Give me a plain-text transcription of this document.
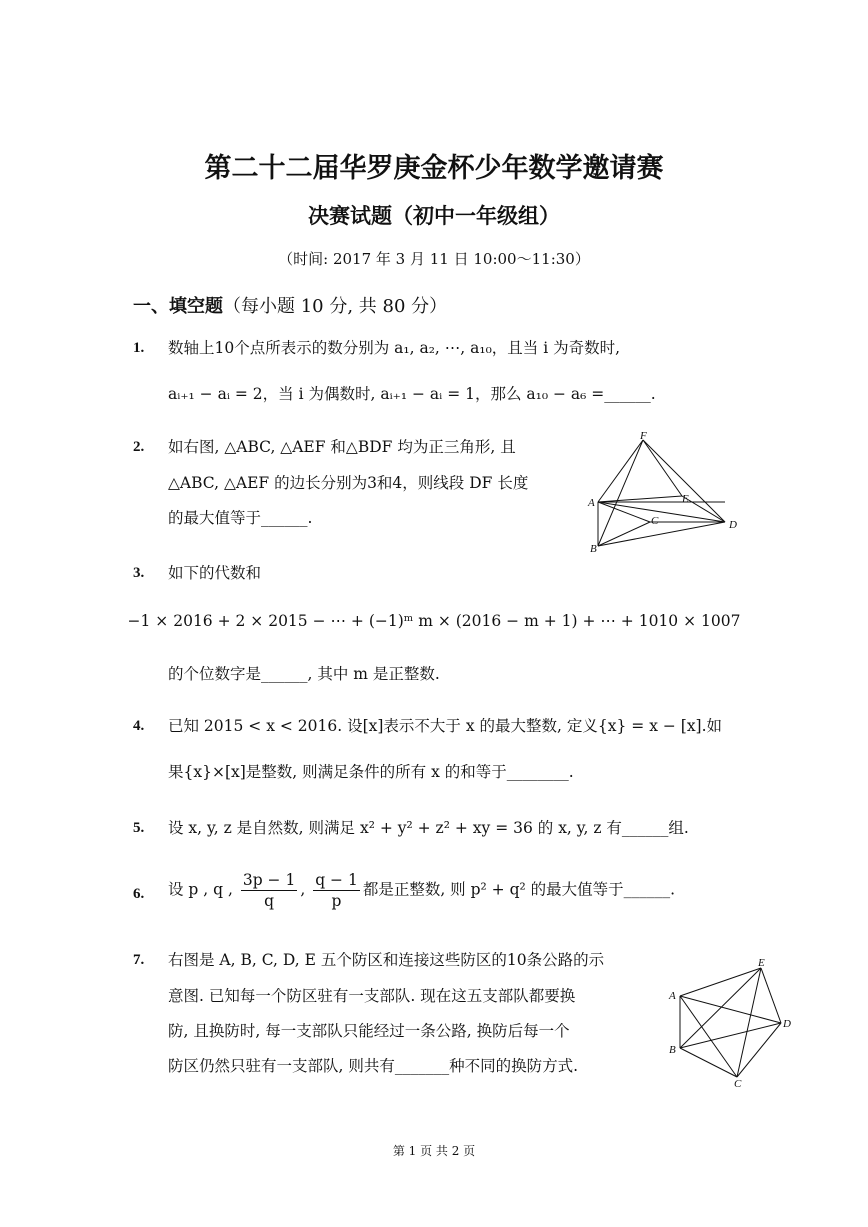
第二十二届华罗庚金杯少年数学邀请赛
决赛试题（初中一年级组）
（时间: 2017 年 3 月 11 日 10:00～11:30）
一、填空题（每小题 10 分, 共 80 分）
1. 数轴上10个点所表示的数分别为 a₁, a₂, ⋯, a₁₀，且当 i 为奇数时,
aᵢ₊₁ − aᵢ = 2，当 i 为偶数时, aᵢ₊₁ − aᵢ = 1，那么 a₁₀ − a₆ =______.
2. 如右图, △ABC, △AEF 和△BDF 均为正三角形, 且
△ABC, △AEF 的边长分别为3和4，则线段 DF 长度
的最大值等于______.
F
A	E
C	D
B
3. 如下的代数和
−1 × 2016 + 2 × 2015 − ⋯ + (−1)ᵐ m × (2016 − m + 1) + ⋯ + 1010 × 1007
的个位数字是______, 其中 m 是正整数.
4. 已知 2015 < x < 2016. 设[x]表示不大于 x 的最大整数, 定义{x} = x − [x].如
果{x}×[x]是整数, 则满足条件的所有 x 的和等于________.
5. 设 x, y, z 是自然数, 则满足 x² + y² + z² + xy = 36 的 x, y, z 有______组.
6. 设 p , q , $\frac{3p - 1}{q}$ , $\frac{q - 1}{p}$ 都是正整数, 则 p² + q² 的最大值等于______.
7. 右图是 A, B, C, D, E 五个防区和连接这些防区的10条公路的示
意图. 已知每一个防区驻有一支部队. 现在这五支部队都要换
防, 且换防时, 每一支部队只能经过一条公路, 换防后每一个
防区仍然只驻有一支部队, 则共有_______种不同的换防方式.
E
A
D
B
C
第 1 页 共 2 页
